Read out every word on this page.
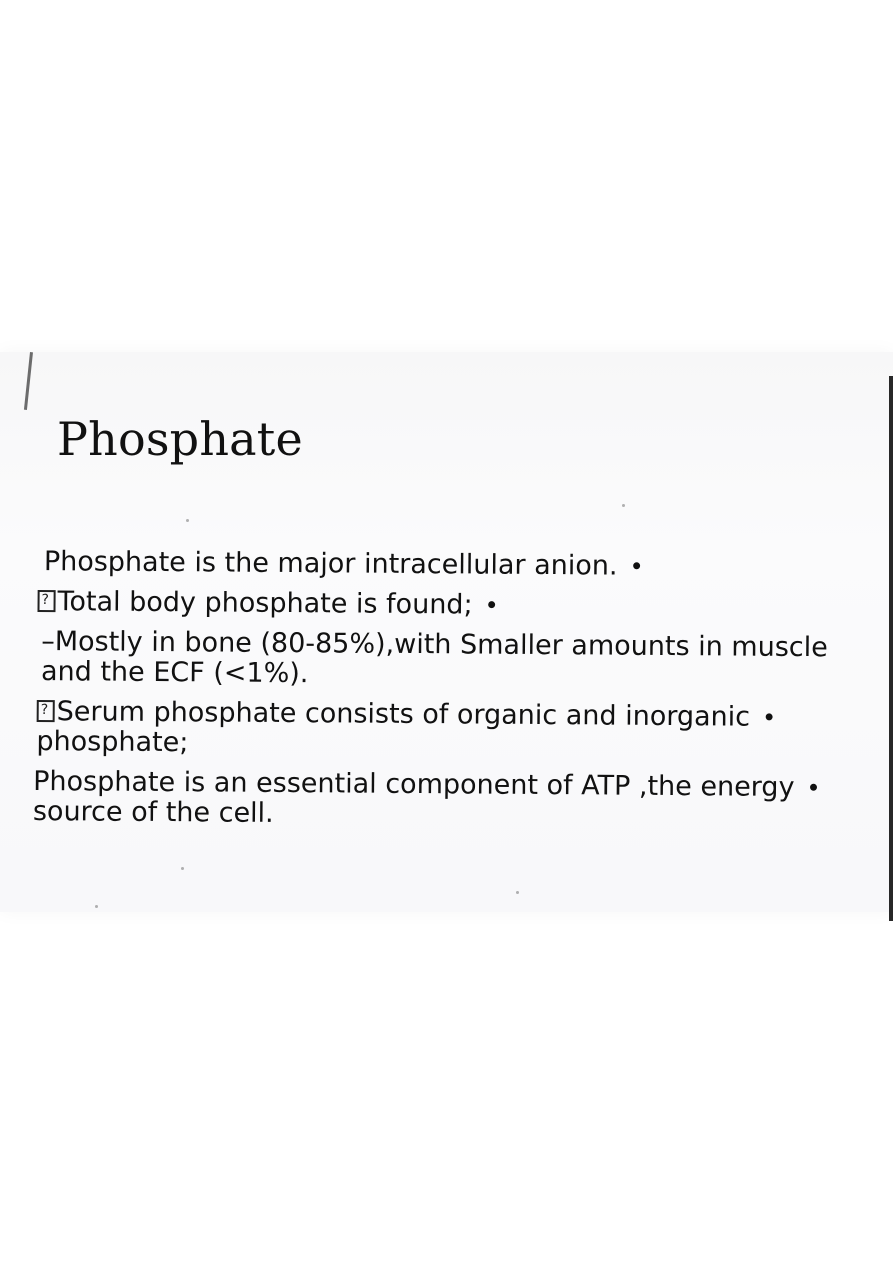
Phosphate
Phosphate is the major intracellular anion. •
?Total body phosphate is found; •
–Mostly in bone (80-85%),with Smaller amounts in muscle
and the ECF (<1%).
?Serum phosphate consists of organic and inorganic •
phosphate;
Phosphate is an essential component of ATP ,the energy •
source of the cell.
